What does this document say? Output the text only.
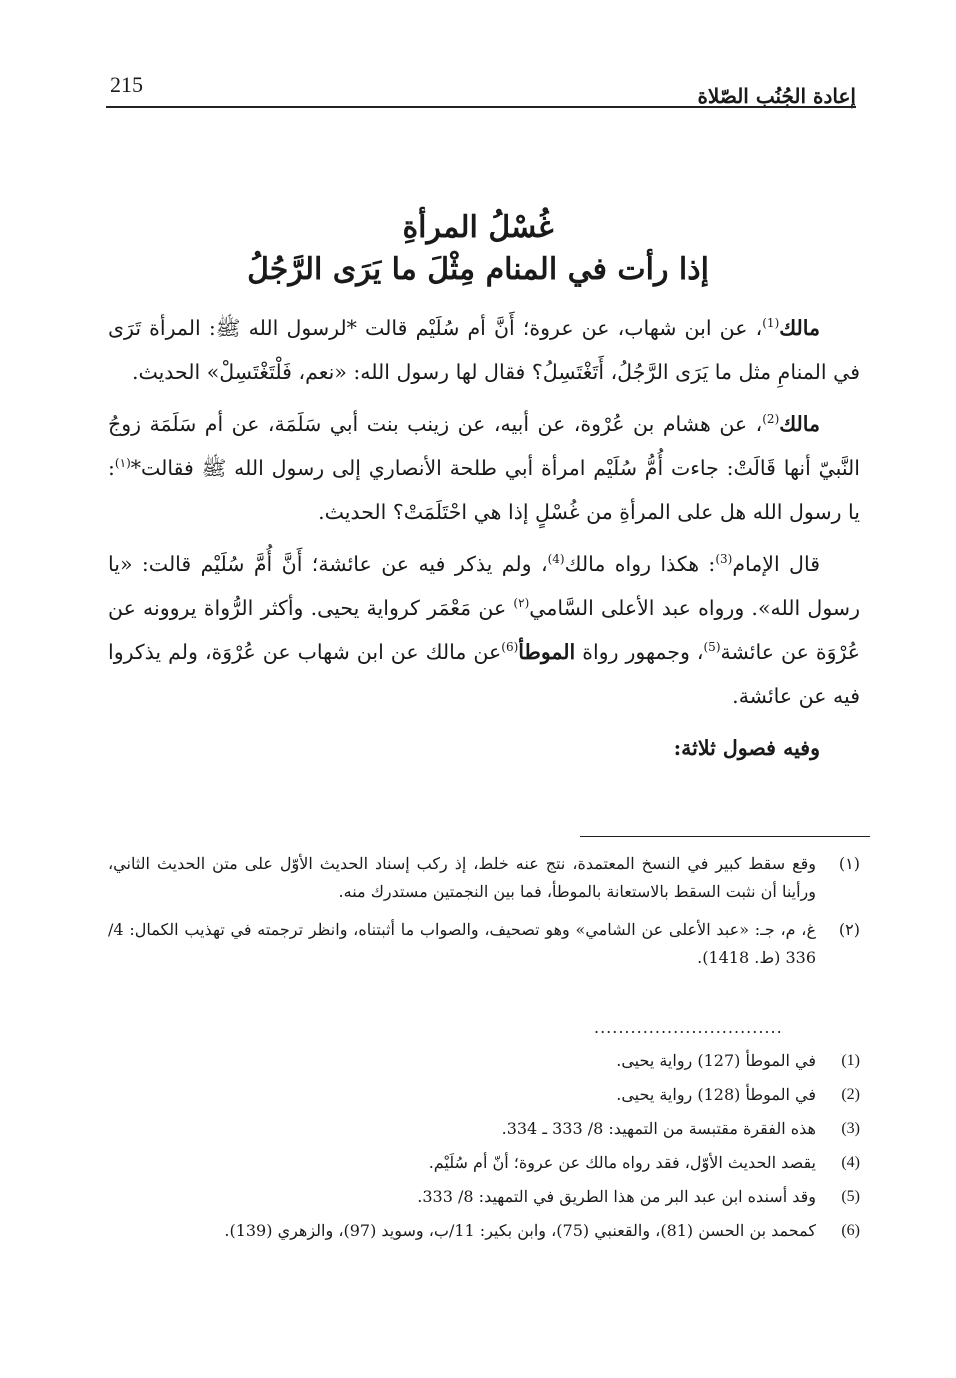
215	إعادة الجُنُب الصّلاة
غُسْلُ المرأةِ
إذا رأت في المنام مِثْلَ ما يَرَى الرَّجُلُ

مالك$^{(1)}$، عن ابن شهاب، عن عروة؛ أَنَّ أم سُلَيْم قالت *لرسول الله ﷺ: المرأة تَرَى في المنامِ مثل ما يَرَى الرَّجُلُ، أَتَغْتَسِلُ؟ فقال لها رسول الله: «نعم، فَلْتَغْتَسِلْ» الحديث.

مالك$^{(2)}$، عن هشام بن عُرْوة، عن أبيه، عن زينب بنت أبي سَلَمَة، عن أم سَلَمَة زوجُ النَّبيّ أنها قَالَتْ: جاءت أُمُّ سُلَيْم امرأة أبي طلحة الأنصاري إلى رسول الله ﷺ فقالت*$^{(١)}$: يا رسول الله هل على المرأةِ من غُسْلٍ إذا هي احْتَلَمَتْ؟ الحديث.

قال الإمام$^{(3)}$: هكذا رواه مالك$^{(4)}$، ولم يذكر فيه عن عائشة؛ أَنَّ أُمَّ سُلَيْم قالت: «يا رسول الله». ورواه عبد الأعلى السَّامي$^{(٢)}$ عن مَعْمَر كرواية يحيى. وأكثر الرُّواة يروونه عن عُرْوَة عن عائشة$^{(5)}$، وجمهور رواة الموطأ$^{(6)}$عن مالك عن ابن شهاب عن عُرْوَة، ولم يذكروا فيه عن عائشة.

وفيه فصول ثلاثة:

(١)
وقع سقط كبير في النسخ المعتمدة، نتج عنه خلط، إذ ركب إسناد الحديث الأوّل على متن الحديث الثاني، ورأينا أن نثبت السقط بالاستعانة بالموطأ، فما بين النجمتين مستدرك منه.
(٢)
غ، م، جـ: «عبد الأعلى عن الشامي» وهو تصحيف، والصواب ما أثبتناه، وانظر ترجمته في تهذيب الكمال: 4/ 336 (ط. 1418).
...............................
(1)
في الموطأ (127) رواية يحيى.
(2)
في الموطأ (128) رواية يحيى.
(3)
هذه الفقرة مقتبسة من التمهيد: 8/ 333 ـ 334.
(4)
يقصد الحديث الأوّل، فقد رواه مالك عن عروة؛ أنّ أم سُلَيْم.
(5)
وقد أسنده ابن عبد البر من هذا الطريق في التمهيد: 8/ 333.
(6)
كمحمد بن الحسن (81)، والقعنبي (75)، وابن بكير: 11/ب، وسويد (97)، والزهري (139).
